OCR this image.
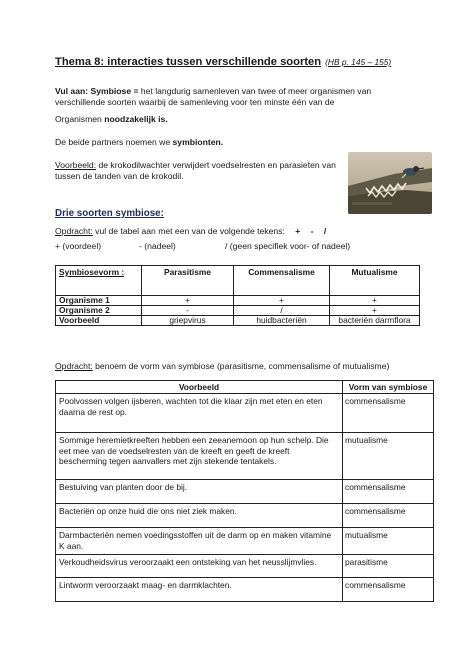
Thema 8: interacties tussen verschillende soorten (HB p. 145 – 155)
Vul aan: Symbiose = het langdurig samenleven van twee of meer organismen van verschillende soorten waarbij de samenleving voor ten minste één van de
Organismen noodzakelijk is.
De beide partners noemen we symbionten.
Voorbeeld: de krokodilwachter verwijdert voedselresten en parasieten van tussen de tanden van de krokodil.
Drie soorten symbiose:
Opdracht: vul de tabel aan met een van de volgende tekens: + - /
+ (voordeel)	- (nadeel)	/ (geen specifiek voor- of nadeel)
Symbiosevorm :	Parasitisme	Commensalisme	Mutualisme
Organisme 1	+	+	+
Organisme 2	-	/	+
Voorbeeld	griepvirus	huidbacteriën	bacteriën darmflora
Opdracht: benoem de vorm van symbiose (parasitisme, commensalisme of mutualisme)
Voorbeeld	Vorm van symbiose
Poolvossen volgen ijsberen, wachten tot die klaar zijn met eten en eten daarna de rest op.	commensalisme
Sommige heremietkreeften hebben een zeeanemoon op hun schelp. Die eet mee van de voedselresten van de kreeft en geeft de kreeft bescherming tegen aanvallers met zijn stekende tentakels.	mutualisme
Bestuiving van planten door de bij.	commensalisme
Bacteriën op onze huid die ons niet ziek maken.	commensalisme
Darmbacteriën nemen voedingsstoffen uit de darm op en maken vitamine K aan.	mutualisme
Verkoudheidsvirus veroorzaakt een ontsteking van het neusslijmvlies.	parasitisme
Lintworm veroorzaakt maag- en darmklachten.	commensalisme
